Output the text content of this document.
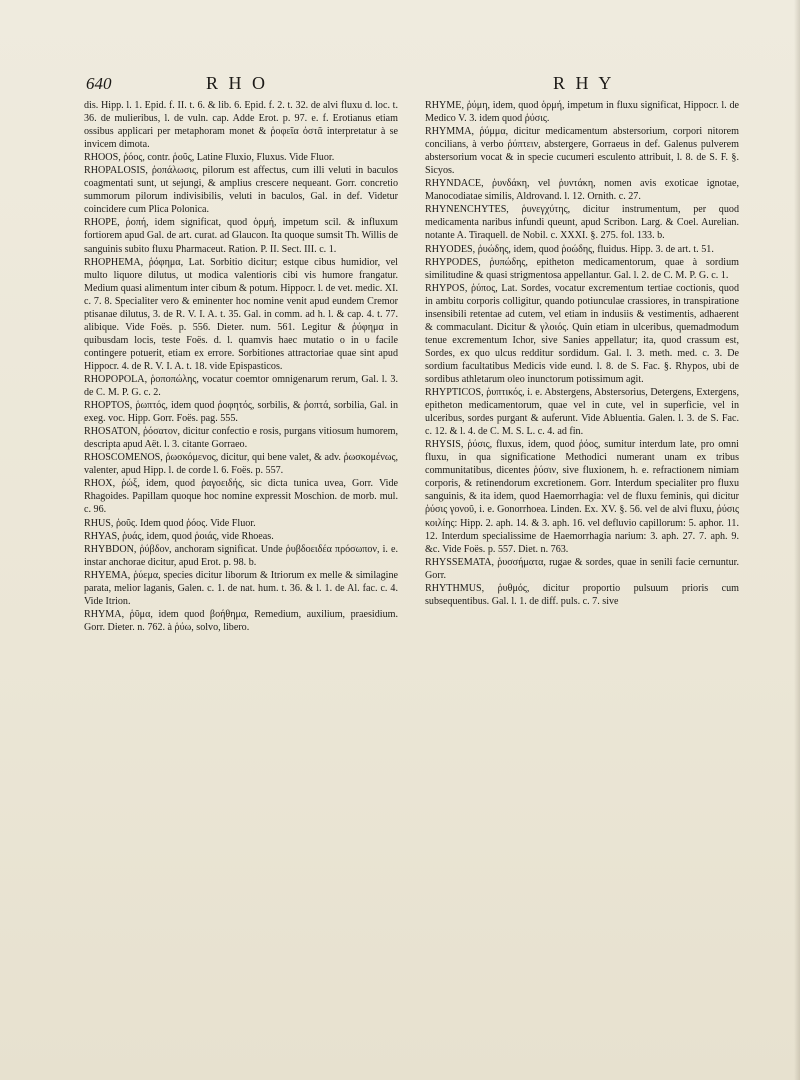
640	R H O	R H Y

dis. Hipp. l. 1. Epid. f. II. t. 6. & lib. 6. Epid. f. 2. t. 32. de alvi fluxu d. loc. t. 36. de mulieribus, l. de vuln. cap. Adde Erot. p. 97. e. f. Erotianus etiam ossibus applicari per metaphoram monet & ῥοφεῖα ὀστᾶ interpretatur à se invicem dimota.

RHOOS, ῥόος, contr. ῥοῦς, Latine Fluxio, Fluxus. Vide Fluor.

RHOPALOSIS, ῥοπάλωσις, pilorum est affectus, cum illi veluti in baculos coagmentati sunt, ut sejungi, & amplius crescere nequeant. Gorr. concretio summorum pilorum indivisibilis, veluti in baculos, Gal. in def. Videtur coincidere cum Plica Polonica.

RHOPE, ῥοπή, idem significat, quod ὁρμή, impetum scil. & influxum fortiorem apud Gal. de art. curat. ad Glaucon. Ita quoque sumsit Th. Willis de sanguinis subito fluxu Pharmaceut. Ration. P. II. Sect. III. c. 1.

RHOPHEMA, ῥόφημα, Lat. Sorbitio dicitur; estque cibus humidior, vel multo liquore dilutus, ut modica valentioris cibi vis humore frangatur. Medium quasi alimentum inter cibum & potum. Hippocr. l. de vet. medic. XI. c. 7. 8. Specialiter vero & eminenter hoc nomine venit apud eundem Cremor ptisanae dilutus, 3. de R. V. I. A. t. 35. Gal. in comm. ad h. l. & cap. 4. t. 77. alibique. Vide Foës. p. 556. Dieter. num. 561. Legitur & ῥύφημα in quibusdam locis, teste Foës. d. l. quamvis haec mutatio ο in υ facile contingere potuerit, etiam ex errore. Sorbitiones attractoriae quae sint apud Hippocr. 4. de R. V. I. A. t. 18. vide Epispasticos.

RHOPOPOLA, ῥοποπώλης, vocatur coemtor omnigenarum rerum, Gal. l. 3. de C. M. P. G. c. 2.

RHOPTOS, ῥωπτός, idem quod ῥοφητός, sorbilis, & ῥοπτά, sorbilia, Gal. in exeg. voc. Hipp. Gorr. Foës. pag. 555.

RHOSATON, ῥόσατον, dicitur confectio e rosis, purgans vitiosum humorem, descripta apud Aët. l. 3. citante Gorraeo.

RHOSCOMENOS, ῥωσκόμενος, dicitur, qui bene valet, & adv. ῥωσκομένως, valenter, apud Hipp. l. de corde l. 6. Foës. p. 557.

RHOX, ῥώξ, idem, quod ῥαγοειδής, sic dicta tunica uvea, Gorr. Vide Rhagoides. Papillam quoque hoc nomine expressit Moschion. de morb. mul. c. 96.

RHUS, ῥοῦς. Idem quod ῥόος. Vide Fluor.

RHYAS, ῥυάς, idem, quod ῥοιάς, vide Rhoeas.

RHYBDON, ῥύβδον, anchoram significat. Unde ῥυβδοειδέα πρόσωπον, i. e. instar anchorae dicitur, apud Erot. p. 98. b.

RHYEMA, ῥύεμα, species dicitur liborum & Itriorum ex melle & similagine parata, melior laganis, Galen. c. 1. de nat. hum. t. 36. & l. 1. de Al. fac. c. 4. Vide Itrion.

RHYMA, ῥῦμα, idem quod βοήθημα, Remedium, auxilium, praesidium. Gorr. Dieter. n. 762. à ῥύω, solvo, libero.

RHYME, ῥύμη, idem, quod ὁρμή, impetum in fluxu significat, Hippocr. l. de Medico V. 3. idem quod ῥύσις.

RHYMMA, ῥύμμα, dicitur medicamentum abstersorium, corpori nitorem concilians, à verbo ῥύπτειν, abstergere, Gorraeus in def. Galenus pulverem abstersorium vocat & in specie cucumeri esculento attribuit, l. 8. de S. F. §. Sicyos.

RHYNDACE, ῥυνδάκη, vel ῥυντάκη, nomen avis exoticae ignotae, Manocodiatae similis, Aldrovand. l. 12. Ornith. c. 27.

RHYNENCHYTES, ῥυνεγχύτης, dicitur instrumentum, per quod medicamenta naribus infundi queunt, apud Scribon. Larg. & Coel. Aurelian. notante A. Tiraquell. de Nobil. c. XXXI. §. 275. fol. 133. b.

RHYODES, ῥυώδης, idem, quod ῥοώδης, fluidus. Hipp. 3. de art. t. 51.

RHYPODES, ῥυπώδης, epitheton medicamentorum, quae à sordium similitudine & quasi strigmentosa appellantur. Gal. l. 2. de C. M. P. G. c. 1.

RHYPOS, ῥύπος, Lat. Sordes, vocatur excrementum tertiae coctionis, quod in ambitu corporis colligitur, quando potiunculae crassiores, in transpiratione insensibili retentae ad cutem, vel etiam in indusiis & vestimentis, adhaerent & commaculant. Dicitur & γλοιός. Quin etiam in ulceribus, quemadmodum tenue excrementum Ichor, sive Sanies appellatur; ita, quod crassum est, Sordes, ex quo ulcus redditur sordidum. Gal. l. 3. meth. med. c. 3. De sordium facultatibus Medicis vide eund. l. 8. de S. Fac. §. Rhypos, ubi de sordibus athletarum oleo inunctorum potissimum agit.

RHYPTICOS, ῥυπτικός, i. e. Abstergens, Abstersorius, Detergens, Extergens, epitheton medicamentorum, quae vel in cute, vel in superficie, vel in ulceribus, sordes purgant & auferunt. Vide Abluentia. Galen. l. 3. de S. Fac. c. 12. & l. 4. de C. M. S. L. c. 4. ad fin.

RHYSIS, ῥύσις, fluxus, idem, quod ῥόος, sumitur interdum late, pro omni fluxu, in qua significatione Methodici numerant unam ex tribus communitatibus, dicentes ῥύσιν, sive fluxionem, h. e. refractionem nimiam corporis, & retinendorum excretionem. Gorr. Interdum specialiter pro fluxu sanguinis, & ita idem, quod Haemorrhagia: vel de fluxu feminis, qui dicitur ῥύσις γονοῦ, i. e. Gonorrhoea. Linden. Ex. XV. §. 56. vel de alvi fluxu, ῥύσις κοιλίης: Hipp. 2. aph. 14. & 3. aph. 16. vel defluvio capillorum: 5. aphor. 11. 12. Interdum specialissime de Haemorrhagia narium: 3. aph. 27. 7. aph. 9. &c. Vide Foës. p. 557. Diet. n. 763.

RHYSSEMATA, ῥυσσήματα, rugae & sordes, quae in senili facie cernuntur. Gorr.

RHYTHMUS, ῥυθμός, dicitur proportio pulsuum prioris cum subsequentibus. Gal. l. 1. de diff. puls. c. 7. sive
